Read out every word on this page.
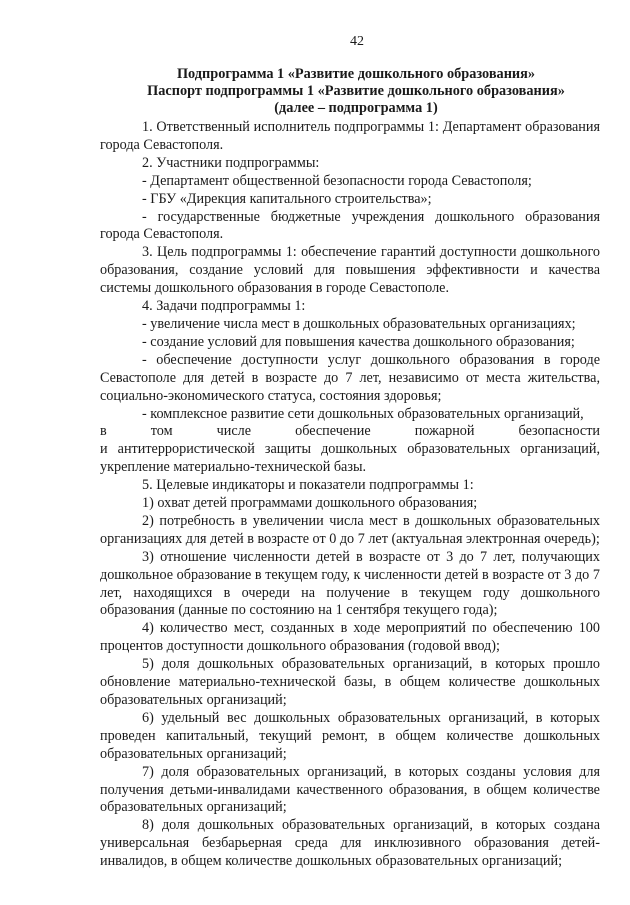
42

Подпрограмма 1 «Развитие дошкольного образования»

Паспорт подпрограммы 1 «Развитие дошкольного образования»

(далее – подпрограмма 1)

1. Ответственный исполнитель подпрограммы 1: Департамент образования города Севастополя.

2. Участники подпрограммы:

- Департамент общественной безопасности города Севастополя;

- ГБУ «Дирекция капитального строительства»;

- государственные бюджетные учреждения дошкольного образования города Севастополя.

3. Цель подпрограммы 1: обеспечение гарантий доступности дошкольного образования, создание условий для повышения эффективности и качества системы дошкольного образования в городе Севастополе.

4. Задачи подпрограммы 1:

- увеличение числа мест в дошкольных образовательных организациях;

- создание условий для повышения качества дошкольного образования;

- обеспечение доступности услуг дошкольного образования в городе Севастополе для детей в возрасте до 7 лет, независимо от места жительства, социально-экономического статуса, состояния здоровья;

- комплексное развитие сети дошкольных образовательных организаций,

в том числе обеспечение пожарной безопасности

и антитеррористической защиты дошкольных образовательных организаций, укрепление материально-технической базы.

5. Целевые индикаторы и показатели подпрограммы 1:

1) охват детей программами дошкольного образования;

2) потребность в увеличении числа мест в дошкольных образовательных организациях для детей в возрасте от 0 до 7 лет (актуальная электронная очередь);

3) отношение численности детей в возрасте от 3 до 7 лет, получающих дошкольное образование в текущем году, к численности детей в возрасте от 3 до 7 лет, находящихся в очереди на получение в текущем году дошкольного образования (данные по состоянию на 1 сентября текущего года);

4) количество мест, созданных в ходе мероприятий по обеспечению 100 процентов доступности дошкольного образования (годовой ввод);

5) доля дошкольных образовательных организаций, в которых прошло обновление материально-технической базы, в общем количестве дошкольных образовательных организаций;

6) удельный вес дошкольных образовательных организаций, в которых проведен капитальный, текущий ремонт, в общем количестве дошкольных образовательных организаций;

7) доля образовательных организаций, в которых созданы условия для получения детьми-инвалидами качественного образования, в общем количестве образовательных организаций;

8) доля дошкольных образовательных организаций, в которых создана универсальная безбарьерная среда для инклюзивного образования детей-инвалидов, в общем количестве дошкольных образовательных организаций;
